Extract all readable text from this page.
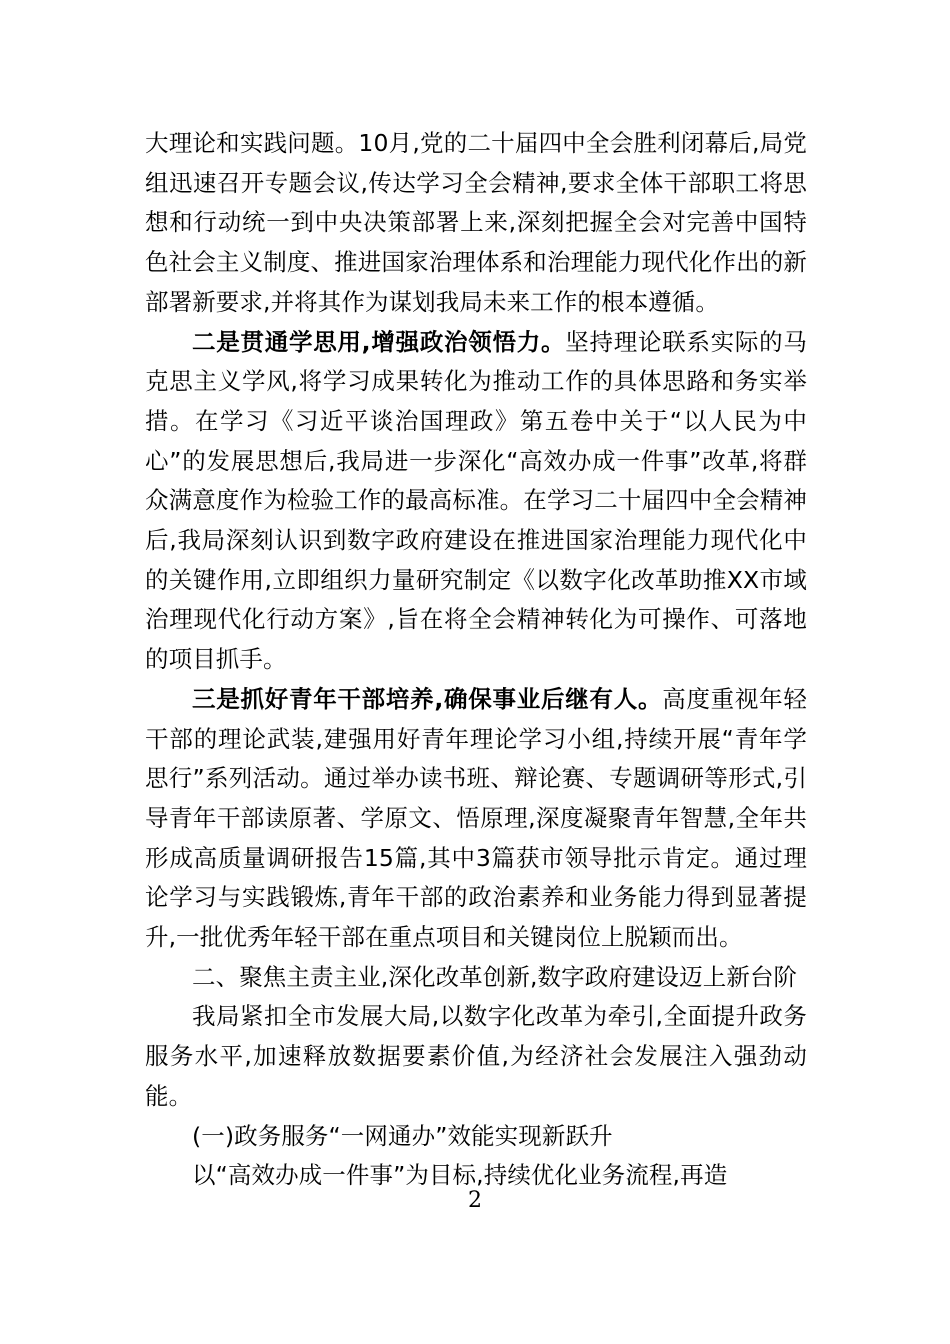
大理论和实践问题。10月,党的二十届四中全会胜利闭幕后,局党组迅速召开专题会议,传达学习全会精神,要求全体干部职工将思想和行动统一到中央决策部署上来,深刻把握全会对完善中国特色社会主义制度、推进国家治理体系和治理能力现代化作出的新部署新要求,并将其作为谋划我局未来工作的根本遵循。

二是贯通学思用,增强政治领悟力。坚持理论联系实际的马克思主义学风,将学习成果转化为推动工作的具体思路和务实举措。在学习《习近平谈治国理政》第五卷中关于“以人民为中心”的发展思想后,我局进一步深化“高效办成一件事”改革,将群众满意度作为检验工作的最高标准。在学习二十届四中全会精神后,我局深刻认识到数字政府建设在推进国家治理能力现代化中的关键作用,立即组织力量研究制定《以数字化改革助推XX市域治理现代化行动方案》,旨在将全会精神转化为可操作、可落地的项目抓手。

三是抓好青年干部培养,确保事业后继有人。高度重视年轻干部的理论武装,建强用好青年理论学习小组,持续开展“青年学思行”系列活动。通过举办读书班、辩论赛、专题调研等形式,引导青年干部读原著、学原文、悟原理,深度凝聚青年智慧,全年共形成高质量调研报告15篇,其中3篇获市领导批示肯定。通过理论学习与实践锻炼,青年干部的政治素养和业务能力得到显著提升,一批优秀年轻干部在重点项目和关键岗位上脱颖而出。

二、聚焦主责主业,深化改革创新,数字政府建设迈上新台阶

我局紧扣全市发展大局,以数字化改革为牵引,全面提升政务服务水平,加速释放数据要素价值,为经济社会发展注入强劲动能。

(一)政务服务“一网通办”效能实现新跃升

以“高效办成一件事”为目标,持续优化业务流程,再造

2
